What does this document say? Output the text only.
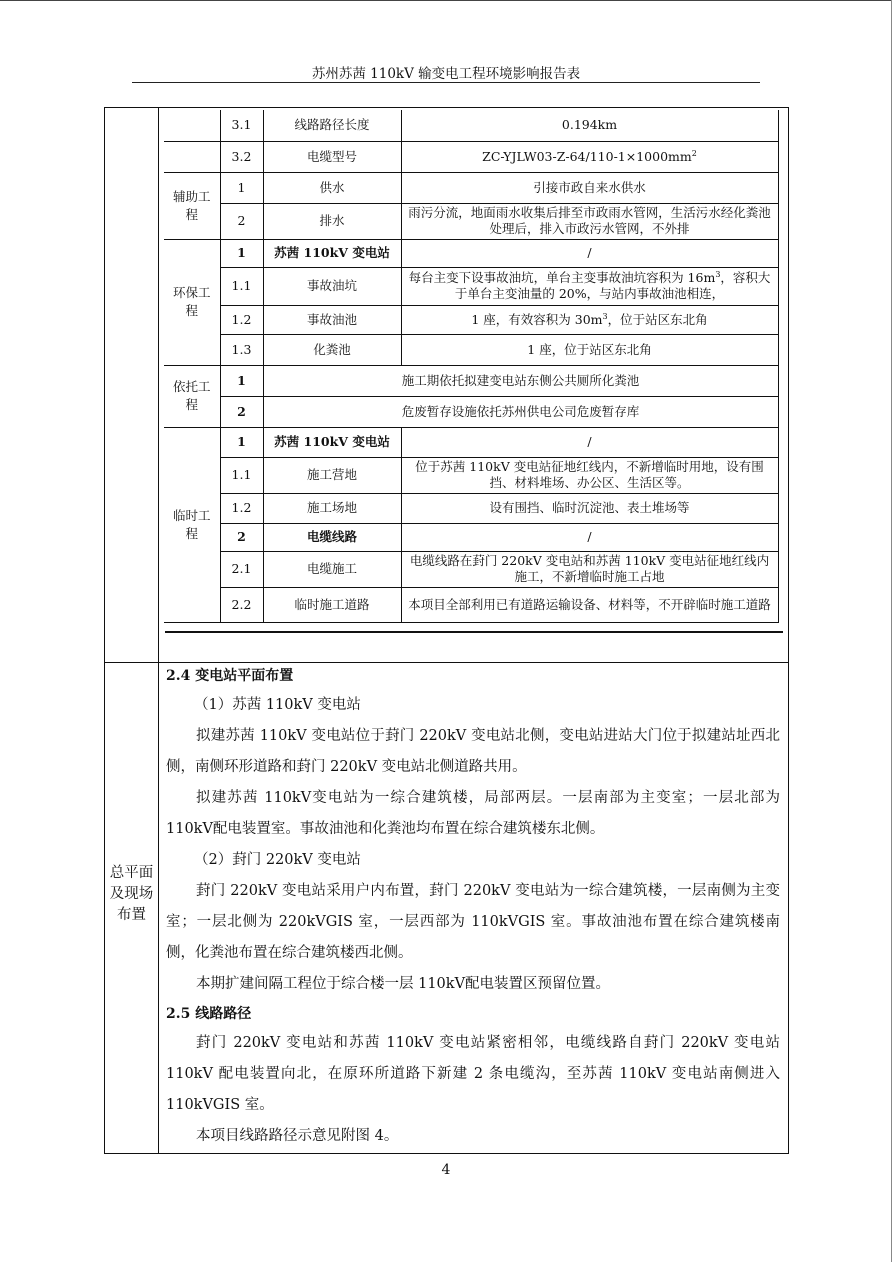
苏州苏茜 110kV 输变电工程环境影响报告表
	3.1	线路路径长度	0.194km
	3.2	电缆型号	$ZC-YJLW03-Z-64/110-1\times 1000mm^2$
辅助工程	1	供水	引接市政自来水供水
	2	排水	雨污分流，地面雨水收集后排至市政雨水管网，生活污水经化粪池处理后，排入市政污水管网，不外排
环保工程	1	苏茜 110kV 变电站	/
	1.1	事故油坑	每台主变下设事故油坑，单台主变事故油坑容积为 $16m^3$，容积大于单台主变油量的 20%，与站内事故油池相连，
	1.2	事故油池	1 座，有效容积为 $30m^3$，位于站区东北角
	1.3	化粪池	1 座，位于站区东北角
依托工程	1	施工期依托拟建变电站东侧公共厕所化粪池	
	2	危废暂存设施依托苏州供电公司危废暂存库	
临时工程	1	苏茜 110kV 变电站	/
	1.1	施工营地	位于苏茜 110kV 变电站征地红线内，不新增临时用地，设有围挡、材料堆场、办公区、生活区等。
	1.2	施工场地	设有围挡、临时沉淀池、表土堆场等
	2	电缆线路	/
	2.1	电缆施工	电缆线路在葑门 220kV 变电站和苏茜 110kV 变电站征地红线内施工，不新增临时施工占地
	2.2	临时施工道路	本项目全部利用已有道路运输设备、材料等，不开辟临时施工道路
总平面及现场布置
2.4 变电站平面布置

（1）苏茜 110kV 变电站

拟建苏茜 110kV 变电站位于葑门 220kV 变电站北侧，变电站进站大门位于拟建站址西北侧，南侧环形道路和葑门 220kV 变电站北侧道路共用。

拟建苏茜 110kV变电站为一综合建筑楼，局部两层。一层南部为主变室；一层北部为110kV配电装置室。事故油池和化粪池均布置在综合建筑楼东北侧。

（2）葑门 220kV 变电站

葑门 220kV 变电站采用户内布置，葑门 220kV 变电站为一综合建筑楼，一层南侧为主变室；一层北侧为 220kVGIS 室，一层西部为 110kVGIS 室。事故油池布置在综合建筑楼南侧，化粪池布置在综合建筑楼西北侧。

本期扩建间隔工程位于综合楼一层 110kV配电装置区预留位置。

2.5 线路路径

葑门 220kV 变电站和苏茜 110kV 变电站紧密相邻，电缆线路自葑门 220kV 变电站 110kV 配电装置向北，在原环所道路下新建 2 条电缆沟，至苏茜 110kV 变电站南侧进入 110kVGIS 室。

本项目线路路径示意见附图 4。

4
